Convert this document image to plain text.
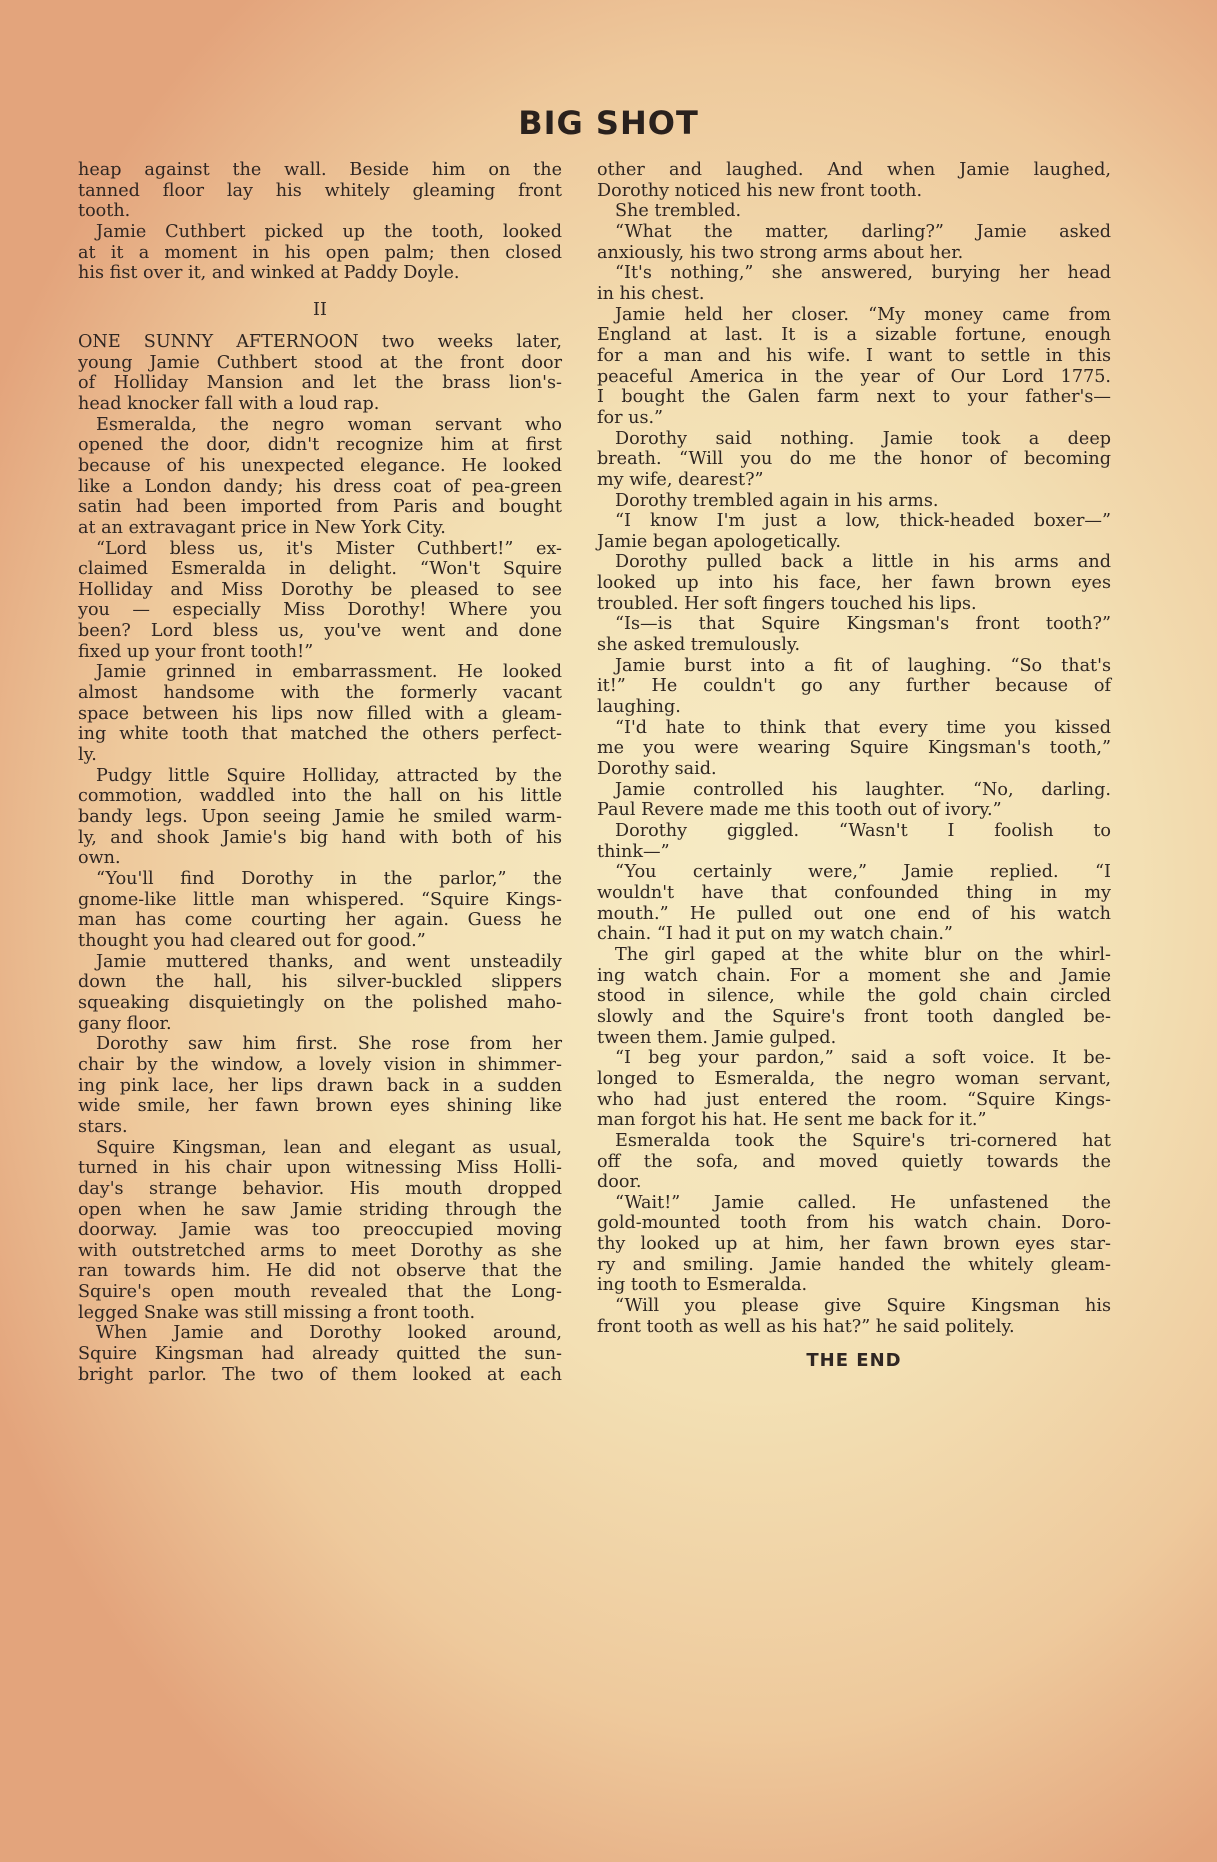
BIG SHOT
heap against the wall. Beside him on the
tanned floor lay his whitely gleaming front
tooth.
Jamie Cuthbert picked up the tooth, looked
at it a moment in his open palm; then closed
his fist over it, and winked at Paddy Doyle.
II
ONE SUNNY AFTERNOON two weeks later,
young Jamie Cuthbert stood at the front door
of Holliday Mansion and let the brass lion's-
head knocker fall with a loud rap.
Esmeralda, the negro woman servant who
opened the door, didn't recognize him at first
because of his unexpected elegance. He looked
like a London dandy; his dress coat of pea-green
satin had been imported from Paris and bought
at an extravagant price in New York City.
“Lord bless us, it's Mister Cuthbert!” ex-
claimed Esmeralda in delight. “Won't Squire
Holliday and Miss Dorothy be pleased to see
you — especially Miss Dorothy! Where you
been? Lord bless us, you've went and done
fixed up your front tooth!”
Jamie grinned in embarrassment. He looked
almost handsome with the formerly vacant
space between his lips now filled with a gleam-
ing white tooth that matched the others perfect-
ly.
Pudgy little Squire Holliday, attracted by the
commotion, waddled into the hall on his little
bandy legs. Upon seeing Jamie he smiled warm-
ly, and shook Jamie's big hand with both of his
own.
“You'll find Dorothy in the parlor,” the
gnome-like little man whispered. “Squire Kings-
man has come courting her again. Guess he
thought you had cleared out for good.”
Jamie muttered thanks, and went unsteadily
down the hall, his silver-buckled slippers
squeaking disquietingly on the polished maho-
gany floor.
Dorothy saw him first. She rose from her
chair by the window, a lovely vision in shimmer-
ing pink lace, her lips drawn back in a sudden
wide smile, her fawn brown eyes shining like
stars.
Squire Kingsman, lean and elegant as usual,
turned in his chair upon witnessing Miss Holli-
day's strange behavior. His mouth dropped
open when he saw Jamie striding through the
doorway. Jamie was too preoccupied moving
with outstretched arms to meet Dorothy as she
ran towards him. He did not observe that the
Squire's open mouth revealed that the Long-
legged Snake was still missing a front tooth.
When Jamie and Dorothy looked around,
Squire Kingsman had already quitted the sun-
bright parlor. The two of them looked at each
other and laughed. And when Jamie laughed,
Dorothy noticed his new front tooth.
She trembled.
“What the matter, darling?” Jamie asked
anxiously, his two strong arms about her.
“It's nothing,” she answered, burying her head
in his chest.
Jamie held her closer. “My money came from
England at last. It is a sizable fortune, enough
for a man and his wife. I want to settle in this
peaceful America in the year of Our Lord 1775.
I bought the Galen farm next to your father's—
for us.”
Dorothy said nothing. Jamie took a deep
breath. “Will you do me the honor of becoming
my wife, dearest?”
Dorothy trembled again in his arms.
“I know I'm just a low, thick-headed boxer—”
Jamie began apologetically.
Dorothy pulled back a little in his arms and
looked up into his face, her fawn brown eyes
troubled. Her soft fingers touched his lips.
“Is—is that Squire Kingsman's front tooth?”
she asked tremulously.
Jamie burst into a fit of laughing. “So that's
it!” He couldn't go any further because of
laughing.
“I'd hate to think that every time you kissed
me you were wearing Squire Kingsman's tooth,”
Dorothy said.
Jamie controlled his laughter. “No, darling.
Paul Revere made me this tooth out of ivory.”
Dorothy giggled. “Wasn't I foolish to
think—”
“You certainly were,” Jamie replied. “I
wouldn't have that confounded thing in my
mouth.” He pulled out one end of his watch
chain. “I had it put on my watch chain.”
The girl gaped at the white blur on the whirl-
ing watch chain. For a moment she and Jamie
stood in silence, while the gold chain circled
slowly and the Squire's front tooth dangled be-
tween them. Jamie gulped.
“I beg your pardon,” said a soft voice. It be-
longed to Esmeralda, the negro woman servant,
who had just entered the room. “Squire Kings-
man forgot his hat. He sent me back for it.”
Esmeralda took the Squire's tri-cornered hat
off the sofa, and moved quietly towards the
door.
“Wait!” Jamie called. He unfastened the
gold-mounted tooth from his watch chain. Doro-
thy looked up at him, her fawn brown eyes star-
ry and smiling. Jamie handed the whitely gleam-
ing tooth to Esmeralda.
“Will you please give Squire Kingsman his
front tooth as well as his hat?” he said politely.
THE END
